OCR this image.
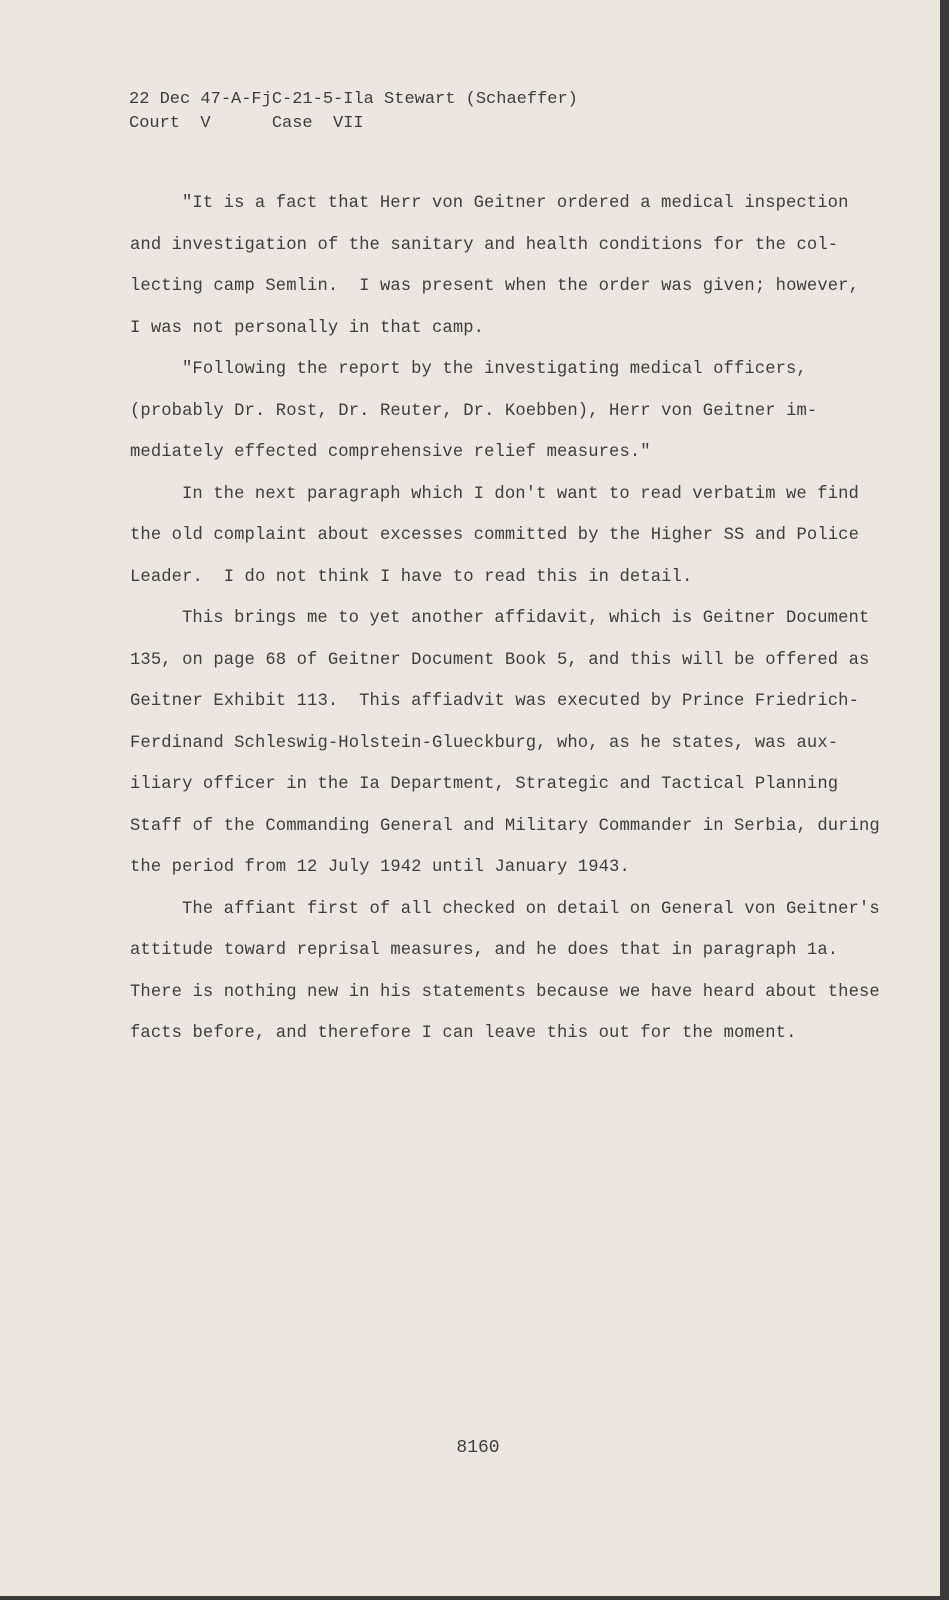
22 Dec 47-A-FjC-21-5-Ila Stewart (Schaeffer)
Court  V      Case  VII
"It is a fact that Herr von Geitner ordered a medical inspection
and investigation of the sanitary and health conditions for the col-
lecting camp Semlin.  I was present when the order was given; however,
I was not personally in that camp.
"Following the report by the investigating medical officers,
(probably Dr. Rost, Dr. Reuter, Dr. Koebben), Herr von Geitner im-
mediately effected comprehensive relief measures."
In the next paragraph which I don't want to read verbatim we find
the old complaint about excesses committed by the Higher SS and Police
Leader.  I do not think I have to read this in detail.
This brings me to yet another affidavit, which is Geitner Document
135, on page 68 of Geitner Document Book 5, and this will be offered as
Geitner Exhibit 113.  This affiadvit was executed by Prince Friedrich-
Ferdinand Schleswig-Holstein-Glueckburg, who, as he states, was aux-
iliary officer in the Ia Department, Strategic and Tactical Planning
Staff of the Commanding General and Military Commander in Serbia, during
the period from 12 July 1942 until January 1943.
The affiant first of all checked on detail on General von Geitner's
attitude toward reprisal measures, and he does that in paragraph 1a.
There is nothing new in his statements because we have heard about these
facts before, and therefore I can leave this out for the moment.
8160
